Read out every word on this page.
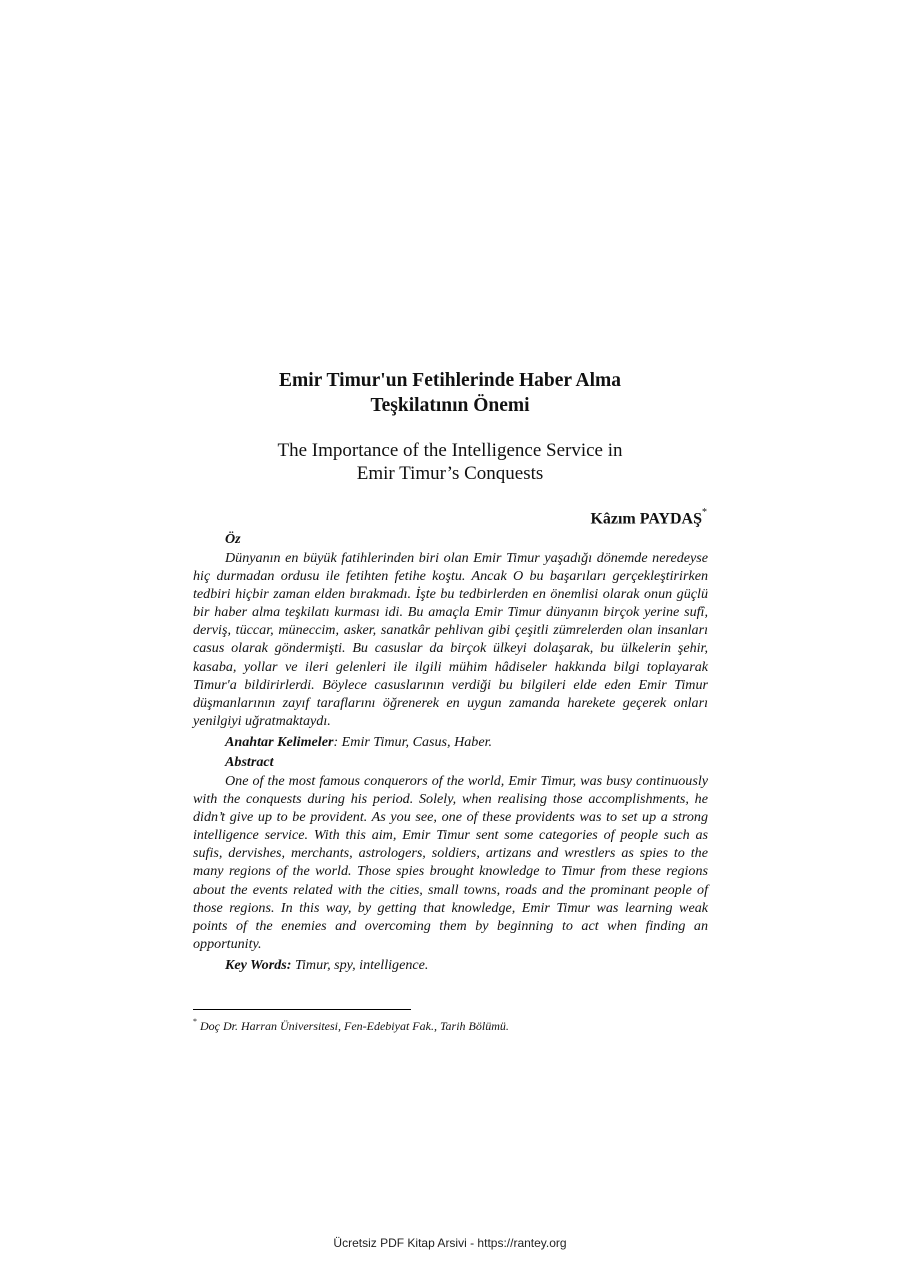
Emir Timur'un Fetihlerinde Haber Alma
Teşkilatının Önemi
The Importance of the Intelligence Service in
Emir Timur’s Conquests
Kâzım PAYDAŞ*

Öz

Dünyanın en büyük fatihlerinden biri olan Emir Timur yaşadığı dönemde neredeyse hiç durmadan ordusu ile fetihten fetihe koştu. Ancak O bu başarıları gerçekleştirirken tedbiri hiçbir zaman elden bırakmadı. İşte bu tedbirlerden en önemlisi olarak onun güçlü bir haber alma teşkilatı kurması idi. Bu amaçla Emir Timur dünyanın birçok yerine sufî, derviş, tüccar, müneccim, asker, sanatkâr pehlivan gibi çeşitli zümrelerden olan insanları casus olarak göndermişti. Bu casuslar da birçok ülkeyi dolaşarak, bu ülkelerin şehir, kasaba, yollar ve ileri gelenleri ile ilgili mühim hâdiseler hakkında bilgi toplayarak Timur'a bildirirlerdi. Böylece casuslarının verdiği bu bilgileri elde eden Emir Timur düşmanlarının zayıf taraflarını öğrenerek en uygun zamanda harekete geçerek onları yenilgiyi uğratmaktaydı.

Anahtar Kelimeler: Emir Timur, Casus, Haber.

Abstract

One of the most famous conquerors of the world, Emir Timur, was busy continuously with the conquests during his period. Solely, when realising those accomplishments, he didn’t give up to be provident. As you see, one of these providents was to set up a strong intelligence service. With this aim, Emir Timur sent some categories of people such as sufis, dervishes, merchants, astrologers, soldiers, artizans and wrestlers as spies to the many regions of the world. Those spies brought knowledge to Timur from these regions about the events related with the cities, small towns, roads and the prominant people of those regions. In this way, by getting that knowledge, Emir Timur was learning weak points of the enemies and overcoming them by beginning to act when finding an opportunity.

Key Words: Timur, spy, intelligence.

* Doç Dr. Harran Üniversitesi, Fen-Edebiyat Fak., Tarih Bölümü.
Ücretsiz PDF Kitap Arsivi - https://rantey.org
